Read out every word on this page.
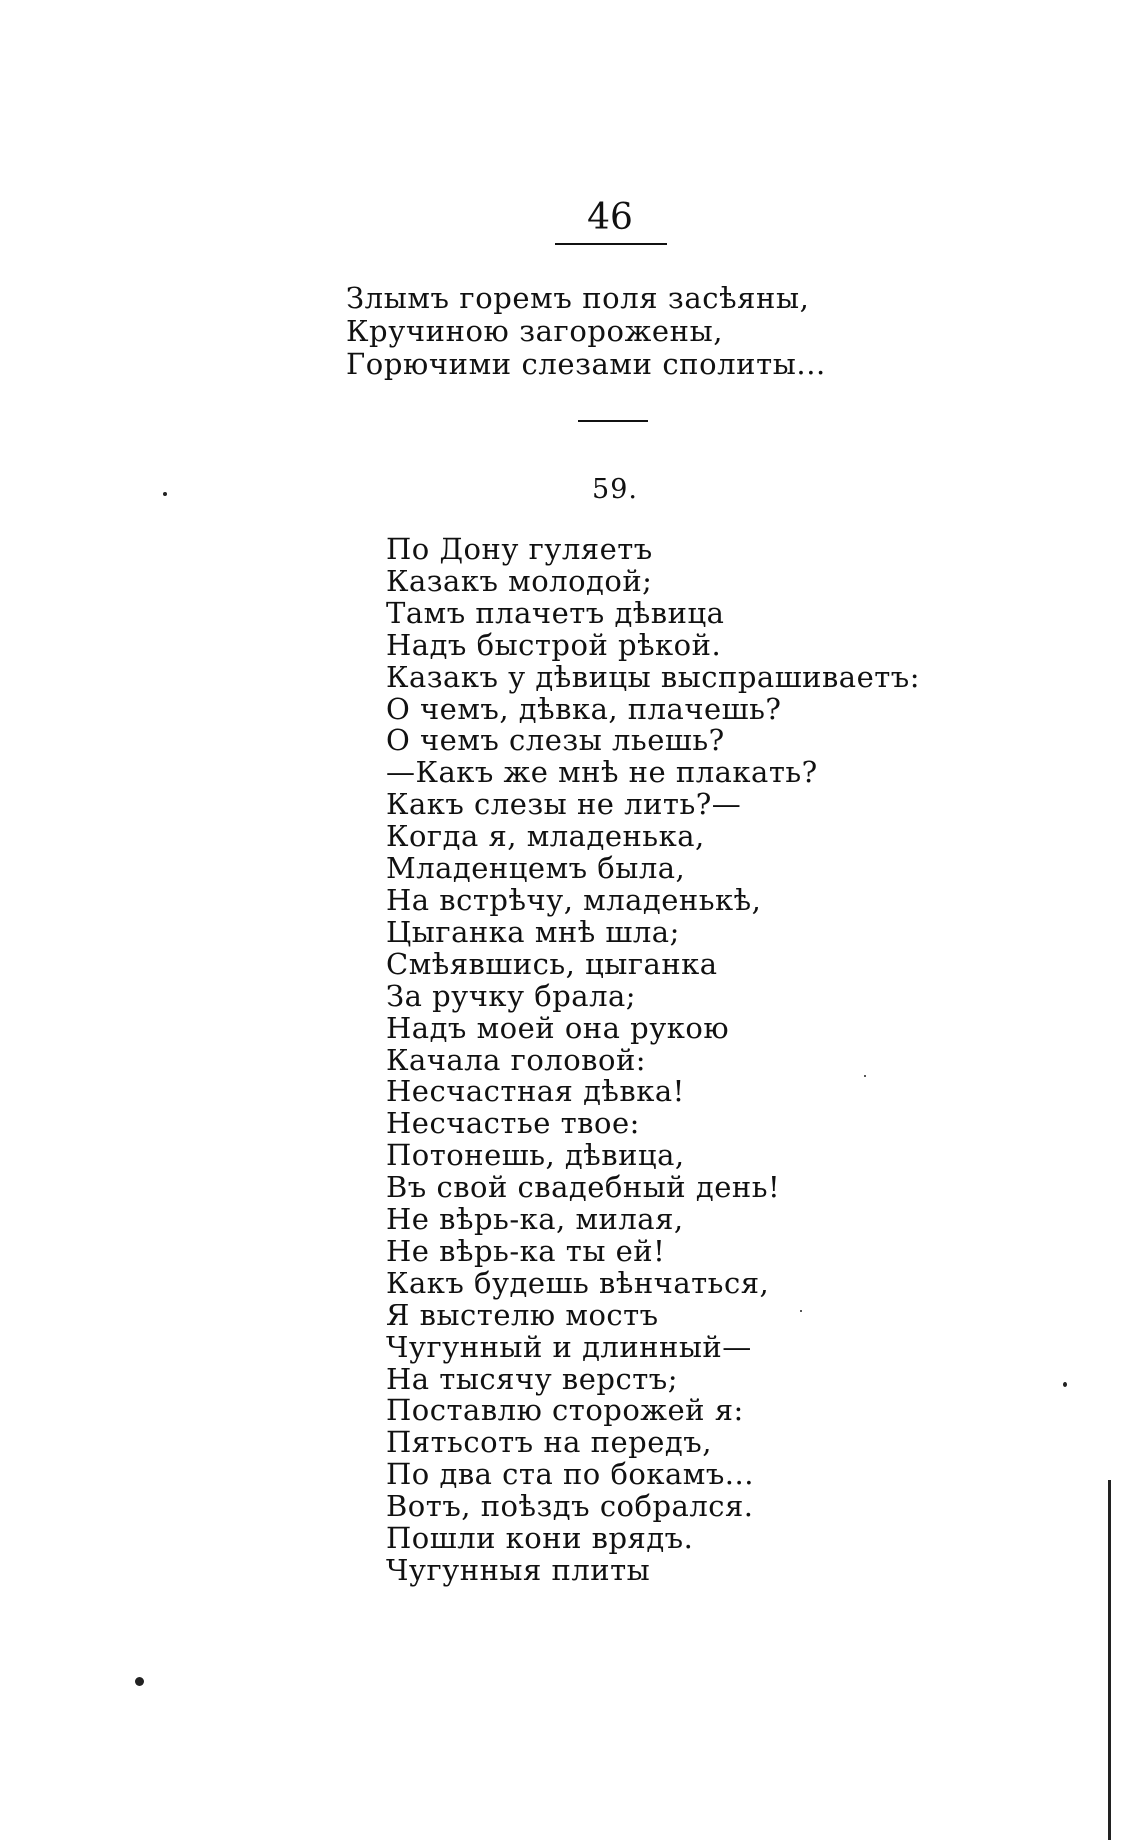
46
Злымъ горемъ поля засѣяны,
Кручиною загорожены,
Горючими слезами сполиты...
59.
По Дону гуляетъ
Казакъ молодой;
Тамъ плачетъ дѣвица
Надъ быстрой рѣкой.
Казакъ у дѣвицы выспрашиваетъ:
О чемъ, дѣвка, плачешь?
О чемъ слезы льешь?
—Какъ же мнѣ не плакать?
Какъ слезы не лить?—
Когда я, младенька,
Младенцемъ была,
На встрѣчу, младенькѣ,
Цыганка мнѣ шла;
Смѣявшись, цыганка
За ручку брала;
Надъ моей она рукою
Качала головой:
Несчастная дѣвка!
Несчастье твое:
Потонешь, дѣвица,
Въ свой свадебный день!
Не вѣрь-ка, милая,
Не вѣрь-ка ты ей!
Какъ будешь вѣнчаться,
Я выстелю мостъ
Чугунный и длинный—
На тысячу верстъ;
Поставлю сторожей я:
Пятьсотъ на передъ,
По два ста по бокамъ...
Вотъ, поѣздъ собрался.
Пошли кони врядъ.
Чугунныя плиты
